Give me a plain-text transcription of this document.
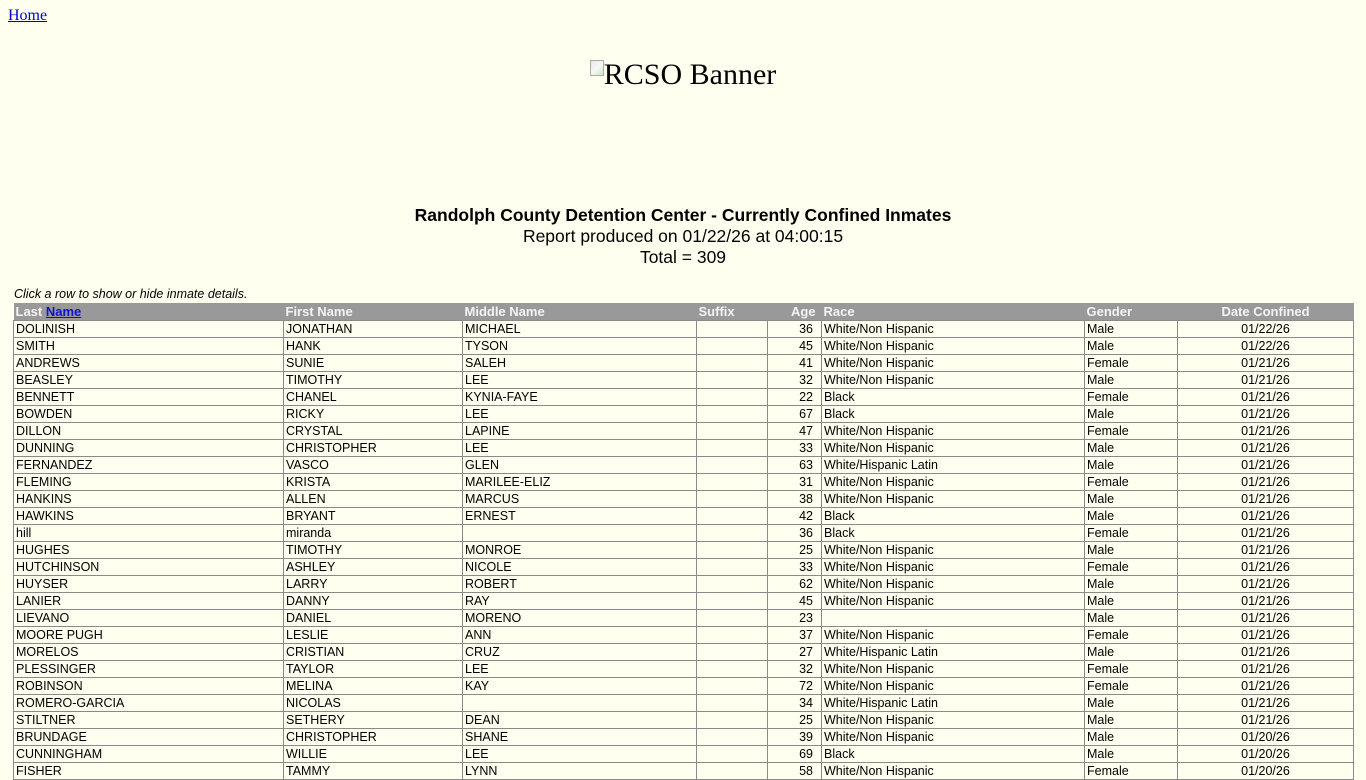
Home
RCSO Banner
Randolph County Detention Center - Currently Confined Inmates
Report produced on 01/22/26 at 04:00:15
Total = 309
Click a row to show or hide inmate details.
Last Name	First Name	Middle Name	Suffix	Age	Race	Gender	Date Confined
DOLINISH	JONATHAN	MICHAEL		36	White/Non Hispanic	Male	01/22/26
SMITH	HANK	TYSON		45	White/Non Hispanic	Male	01/22/26
ANDREWS	SUNIE	SALEH		41	White/Non Hispanic	Female	01/21/26
BEASLEY	TIMOTHY	LEE		32	White/Non Hispanic	Male	01/21/26
BENNETT	CHANEL	KYNIA-FAYE		22	Black	Female	01/21/26
BOWDEN	RICKY	LEE		67	Black	Male	01/21/26
DILLON	CRYSTAL	LAPINE		47	White/Non Hispanic	Female	01/21/26
DUNNING	CHRISTOPHER	LEE		33	White/Non Hispanic	Male	01/21/26
FERNANDEZ	VASCO	GLEN		63	White/Hispanic Latin	Male	01/21/26
FLEMING	KRISTA	MARILEE-ELIZ		31	White/Non Hispanic	Female	01/21/26
HANKINS	ALLEN	MARCUS		38	White/Non Hispanic	Male	01/21/26
HAWKINS	BRYANT	ERNEST		42	Black	Male	01/21/26
hill	miranda			36	Black	Female	01/21/26
HUGHES	TIMOTHY	MONROE		25	White/Non Hispanic	Male	01/21/26
HUTCHINSON	ASHLEY	NICOLE		33	White/Non Hispanic	Female	01/21/26
HUYSER	LARRY	ROBERT		62	White/Non Hispanic	Male	01/21/26
LANIER	DANNY	RAY		45	White/Non Hispanic	Male	01/21/26
LIEVANO	DANIEL	MORENO		23		Male	01/21/26
MOORE PUGH	LESLIE	ANN		37	White/Non Hispanic	Female	01/21/26
MORELOS	CRISTIAN	CRUZ		27	White/Hispanic Latin	Male	01/21/26
PLESSINGER	TAYLOR	LEE		32	White/Non Hispanic	Female	01/21/26
ROBINSON	MELINA	KAY		72	White/Non Hispanic	Female	01/21/26
ROMERO-GARCIA	NICOLAS			34	White/Hispanic Latin	Male	01/21/26
STILTNER	SETHERY	DEAN		25	White/Non Hispanic	Male	01/21/26
BRUNDAGE	CHRISTOPHER	SHANE		39	White/Non Hispanic	Male	01/20/26
CUNNINGHAM	WILLIE	LEE		69	Black	Male	01/20/26
FISHER	TAMMY	LYNN		58	White/Non Hispanic	Female	01/20/26
